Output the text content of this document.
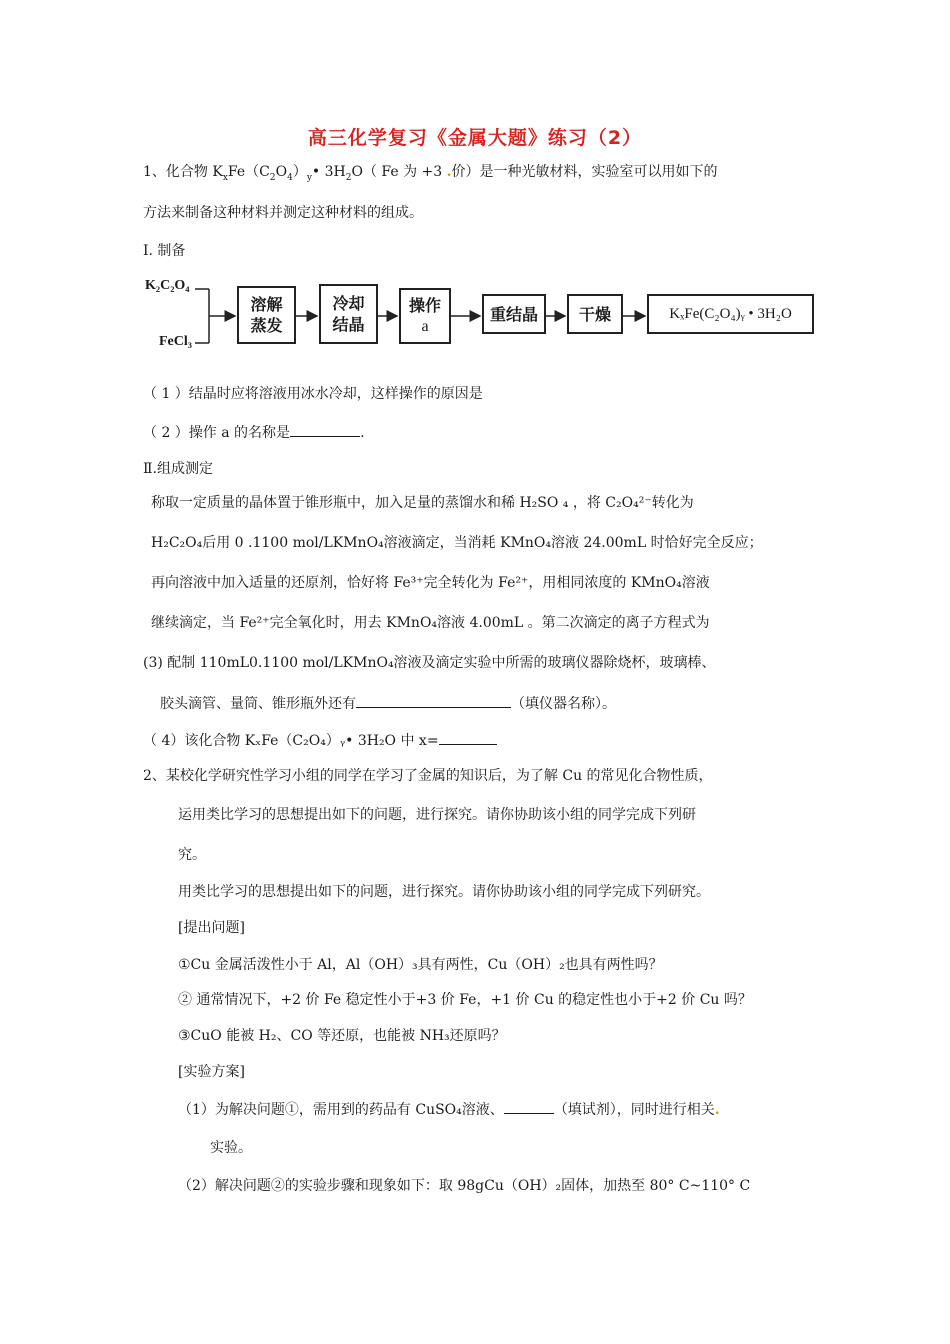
高三化学复习《金属大题》练习（2）
1、化合物 $K_xFe(C_2O_4)_y•$ $3H_2O$（ Fe 为 +3 .价）是一种光敏材料，实验室可以用如下的
方法来制备这种材料并测定这种材料的组成。
Ⅰ. 制备
K₂C₂O₄
FeCl₃
溶解
蒸发
冷却
结晶
操作
a
重结晶	干燥	KₓFe(C₂O₄)ᵧ • 3H₂O
（ 1 ）结晶时应将溶液用冰水冷却，这样操作的原因是
（ 2 ）操作 a 的名称是	.
Ⅱ.组成测定
称取一定质量的晶体置于锥形瓶中，加入足量的蒸馏水和稀 H₂SO ₄ ，将 C₂O₄²⁻转化为
H₂C₂O₄后用 0 .1100 mol/LKMnO₄溶液滴定，当消耗 KMnO₄溶液 24.00mL 时恰好完全反应；
再向溶液中加入适量的还原剂，恰好将 Fe³⁺完全转化为 Fe²⁺，用相同浓度的 KMnO₄溶液
继续滴定，当 Fe²⁺完全氧化时，用去 KMnO₄溶液 4.00mL 。第二次滴定的离子方程式为
(3) 配制 110mL0.1100 mol/LKMnO₄溶液及滴定实验中所需的玻璃仪器除烧杯，玻璃棒、
胶头滴管、量筒、锥形瓶外还有	（填仪器名称）。
（ 4）该化合物 KₓFe（C₂O₄）ᵧ• 3H₂O 中 x=
2、某校化学研究性学习小组的同学在学习了金属的知识后，为了解 Cu 的常见化合物性质，
运用类比学习的思想提出如下的问题，进行探究。请你协助该小组的同学完成下列研
究。
用类比学习的思想提出如下的问题，进行探究。请你协助该小组的同学完成下列研究。
[提出问题]
①Cu 金属活泼性小于 Al，Al（OH）₃具有两性，Cu（OH）₂也具有两性吗？
② 通常情况下，+2 价 Fe 稳定性小于+3 价 Fe，+1 价 Cu 的稳定性也小于+2 价 Cu 吗？
③CuO 能被 H₂、CO 等还原，也能被 NH₃还原吗？
[实验方案]
（1）为解决问题①，需用到的药品有 CuSO₄溶液、	（填试剂），同时进行相关.
实验。
（2）解决问题②的实验步骤和现象如下：取 98gCu（OH）₂固体，加热至 80° C~110° C
